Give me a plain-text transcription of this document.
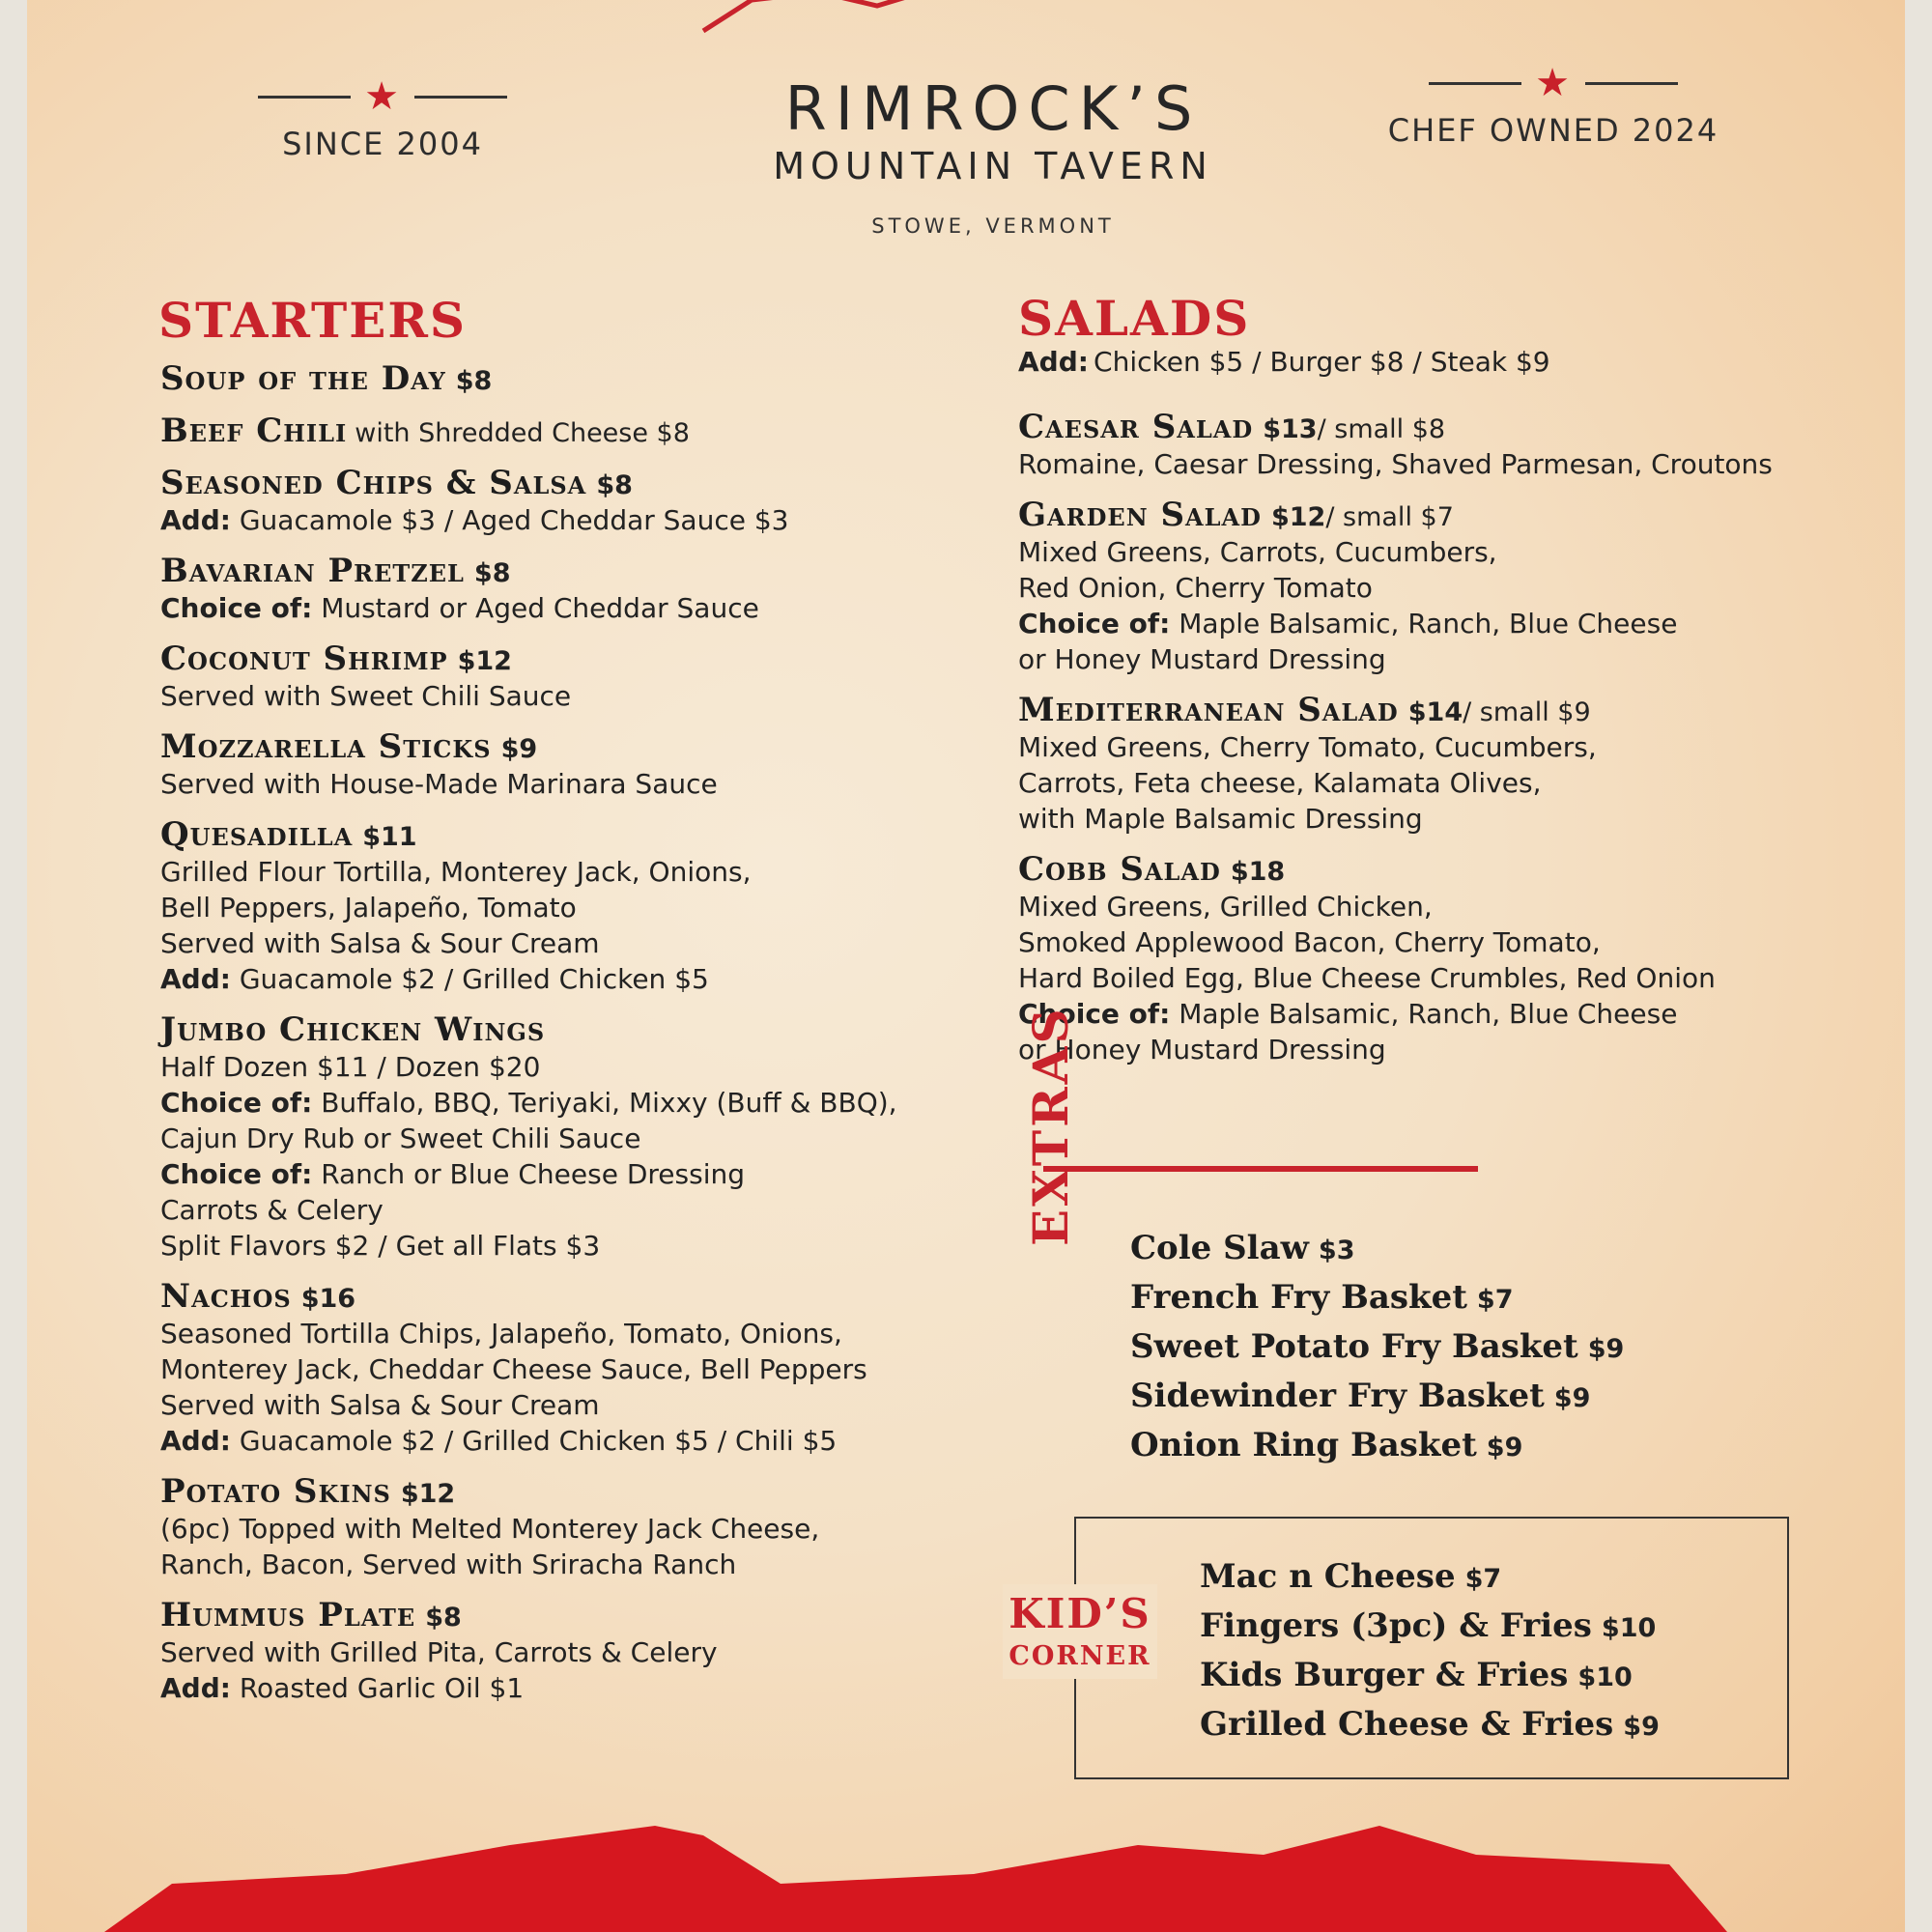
★
SINCE 2004	RIMROCK’S
MOUNTAIN TAVERN
STOWE, VERMONT
★
CHEF OWNED 2024
STARTERS
Soup of the Day $8
Beef Chili with Shredded Cheese $8
Seasoned Chips & Salsa $8
Add: Guacamole $3 / Aged Cheddar Sauce $3
Bavarian Pretzel $8
Choice of: Mustard or Aged Cheddar Sauce
Coconut Shrimp $12
Served with Sweet Chili Sauce
Mozzarella Sticks $9
Served with House-Made Marinara Sauce
Quesadilla $11
Grilled Flour Tortilla, Monterey Jack, Onions,
Bell Peppers, Jalapeño, Tomato
Served with Salsa & Sour Cream
Add: Guacamole $2 / Grilled Chicken $5
Jumbo Chicken Wings
Half Dozen $11 / Dozen $20
Choice of: Buffalo, BBQ, Teriyaki, Mixxy (Buff & BBQ),
Cajun Dry Rub or Sweet Chili Sauce
Choice of: Ranch or Blue Cheese Dressing
Carrots & Celery
Split Flavors $2 / Get all Flats $3
Nachos $16
Seasoned Tortilla Chips, Jalapeño, Tomato, Onions,
Monterey Jack, Cheddar Cheese Sauce, Bell Peppers
Served with Salsa & Sour Cream
Add: Guacamole $2 / Grilled Chicken $5 / Chili $5
Potato Skins $12
(6pc) Topped with Melted Monterey Jack Cheese,
Ranch, Bacon, Served with Sriracha Ranch
Hummus Plate $8
Served with Grilled Pita, Carrots & Celery
Add: Roasted Garlic Oil $1
SALADS
Add: Chicken $5 / Burger $8 / Steak $9
Caesar Salad $13/ small $8
Romaine, Caesar Dressing, Shaved Parmesan, Croutons
Garden Salad $12/ small $7
Mixed Greens, Carrots, Cucumbers,
Red Onion, Cherry Tomato
Choice of: Maple Balsamic, Ranch, Blue Cheese
or Honey Mustard Dressing
Mediterranean Salad $14/ small $9
Mixed Greens, Cherry Tomato, Cucumbers,
Carrots, Feta cheese, Kalamata Olives,
with Maple Balsamic Dressing
Cobb Salad $18
Mixed Greens, Grilled Chicken,
Smoked Applewood Bacon, Cherry Tomato,
Hard Boiled Egg, Blue Cheese Crumbles, Red Onion
Choice of: Maple Balsamic, Ranch, Blue Cheese
or Honey Mustard Dressing
EXTRAS
Cole Slaw $3
French Fry Basket $7
Sweet Potato Fry Basket $9
Sidewinder Fry Basket $9
Onion Ring Basket $9
KID’S
CORNER
Mac n Cheese $7
Fingers (3pc) & Fries $10
Kids Burger & Fries $10
Grilled Cheese & Fries $9
